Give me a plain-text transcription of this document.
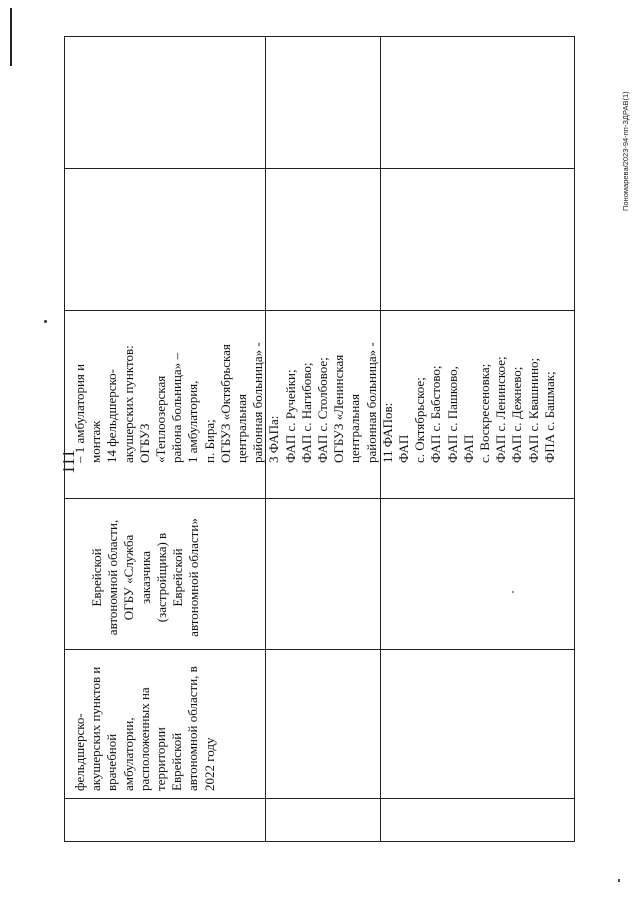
111
Пономарева/2023-94-пп-ЗДРАВ(1)
фельдшерско- акушерских пунктов и врачебной амбулатории, расположенных на территории Еврейской автономной области, в 2022 году
Еврейской автономной области, ОГБУ «Служба заказчика (застройщика) в Еврейской автономной области»
– 1 амбулатория и монтаж 14 фельдшерско- акушерских пунктов: ОГБУЗ «Теплоозерская районa больница» – 1 амбулатория, п. Бира; ОГБУЗ «Октябрьская центральная районная больница» - 3 ФАПа: ФАП с. Ручейки; ФАП с. Нагибово; ФАП с. Столбовое; ОГБУЗ «Ленинская центральная районная больница» - 11 ФАПов: ФАП с. Октябрьское; ФАП с. Бабстово; ФАП с. Пашково, ФАП с. Воскресеновка; ФАП с. Ленинское; ФАП с. Дежнево; ФАП с. Квашнино; ФПА с. Башмак;
